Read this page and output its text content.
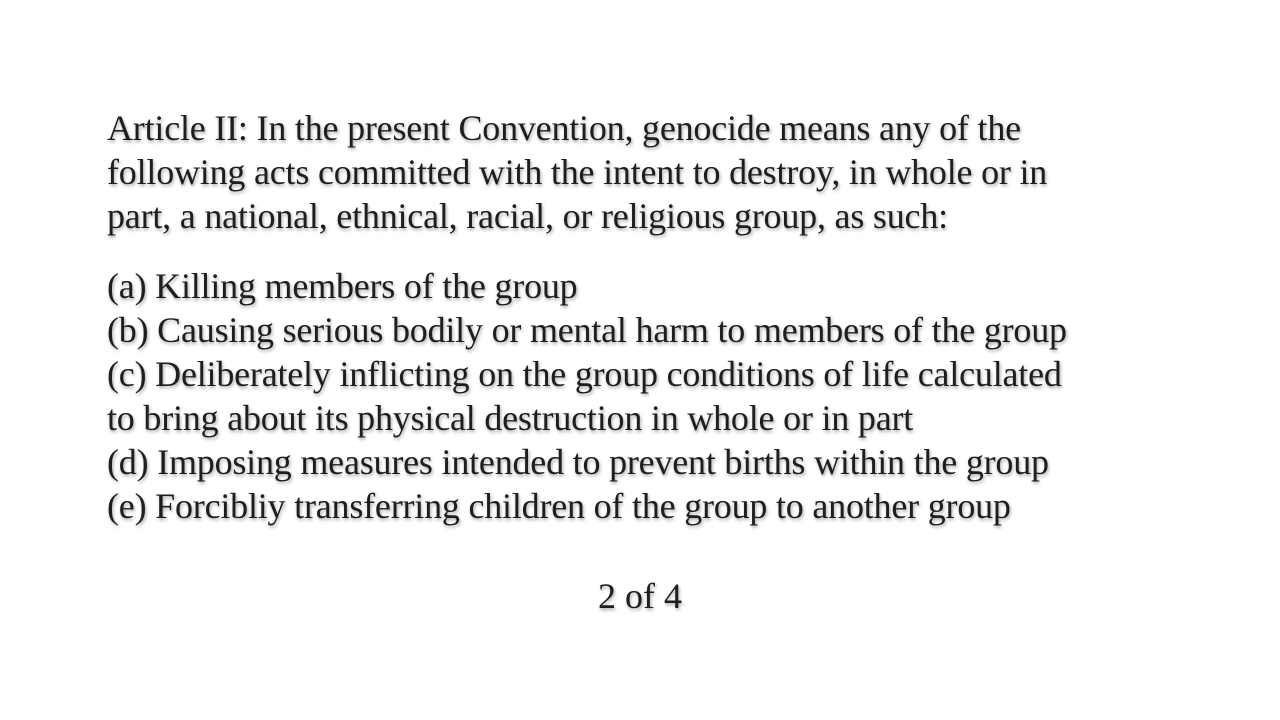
Article II: In the present Convention, genocide means any of the

following acts committed with the intent to destroy, in whole or in

part, a national, ethnical, racial, or religious group, as such:

(a) Killing members of the group

(b) Causing serious bodily or mental harm to members of the group

(c) Deliberately inflicting on the group conditions of life calculated

to bring about its physical destruction in whole or in part

(d) Imposing measures intended to prevent births within the group

(e) Forcibliy transferring children of the group to another group

2 of 4
